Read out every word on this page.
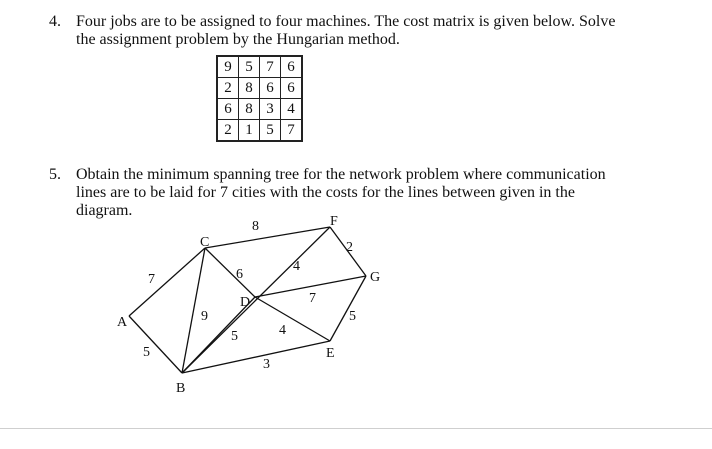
4. Four jobs are to be assigned to four machines. The cost matrix is given below. Solve
the assignment problem by the Hungarian method.
9	5	7	6
2	8	6	6
6	8	3	4
2	1	5	7
5. Obtain the minimum spanning tree for the network problem where communication
lines are to be laid for 7 cities with the costs for the lines between given in the
diagram.
A
B
C
D
E
F
G
7
5
8
6
9
5
4
3
4
7
2
5
